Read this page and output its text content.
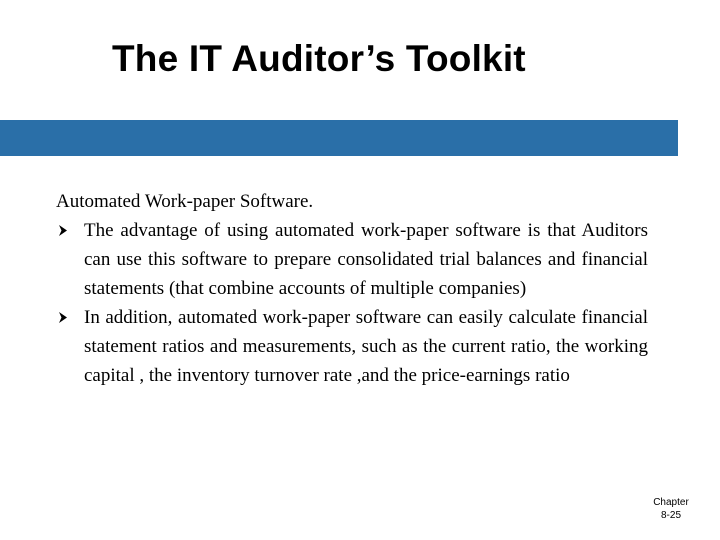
The IT Auditor’s Toolkit

Automated Work-paper Software.

The advantage of using automated work-paper software is that Auditors can use this software to prepare consolidated trial balances and financial statements (that combine accounts of multiple companies)
In addition, automated work-paper software can easily calculate financial statement ratios and measurements, such as the current ratio, the working capital , the inventory turnover rate ,and the price-earnings ratio
Chapter
8-25
